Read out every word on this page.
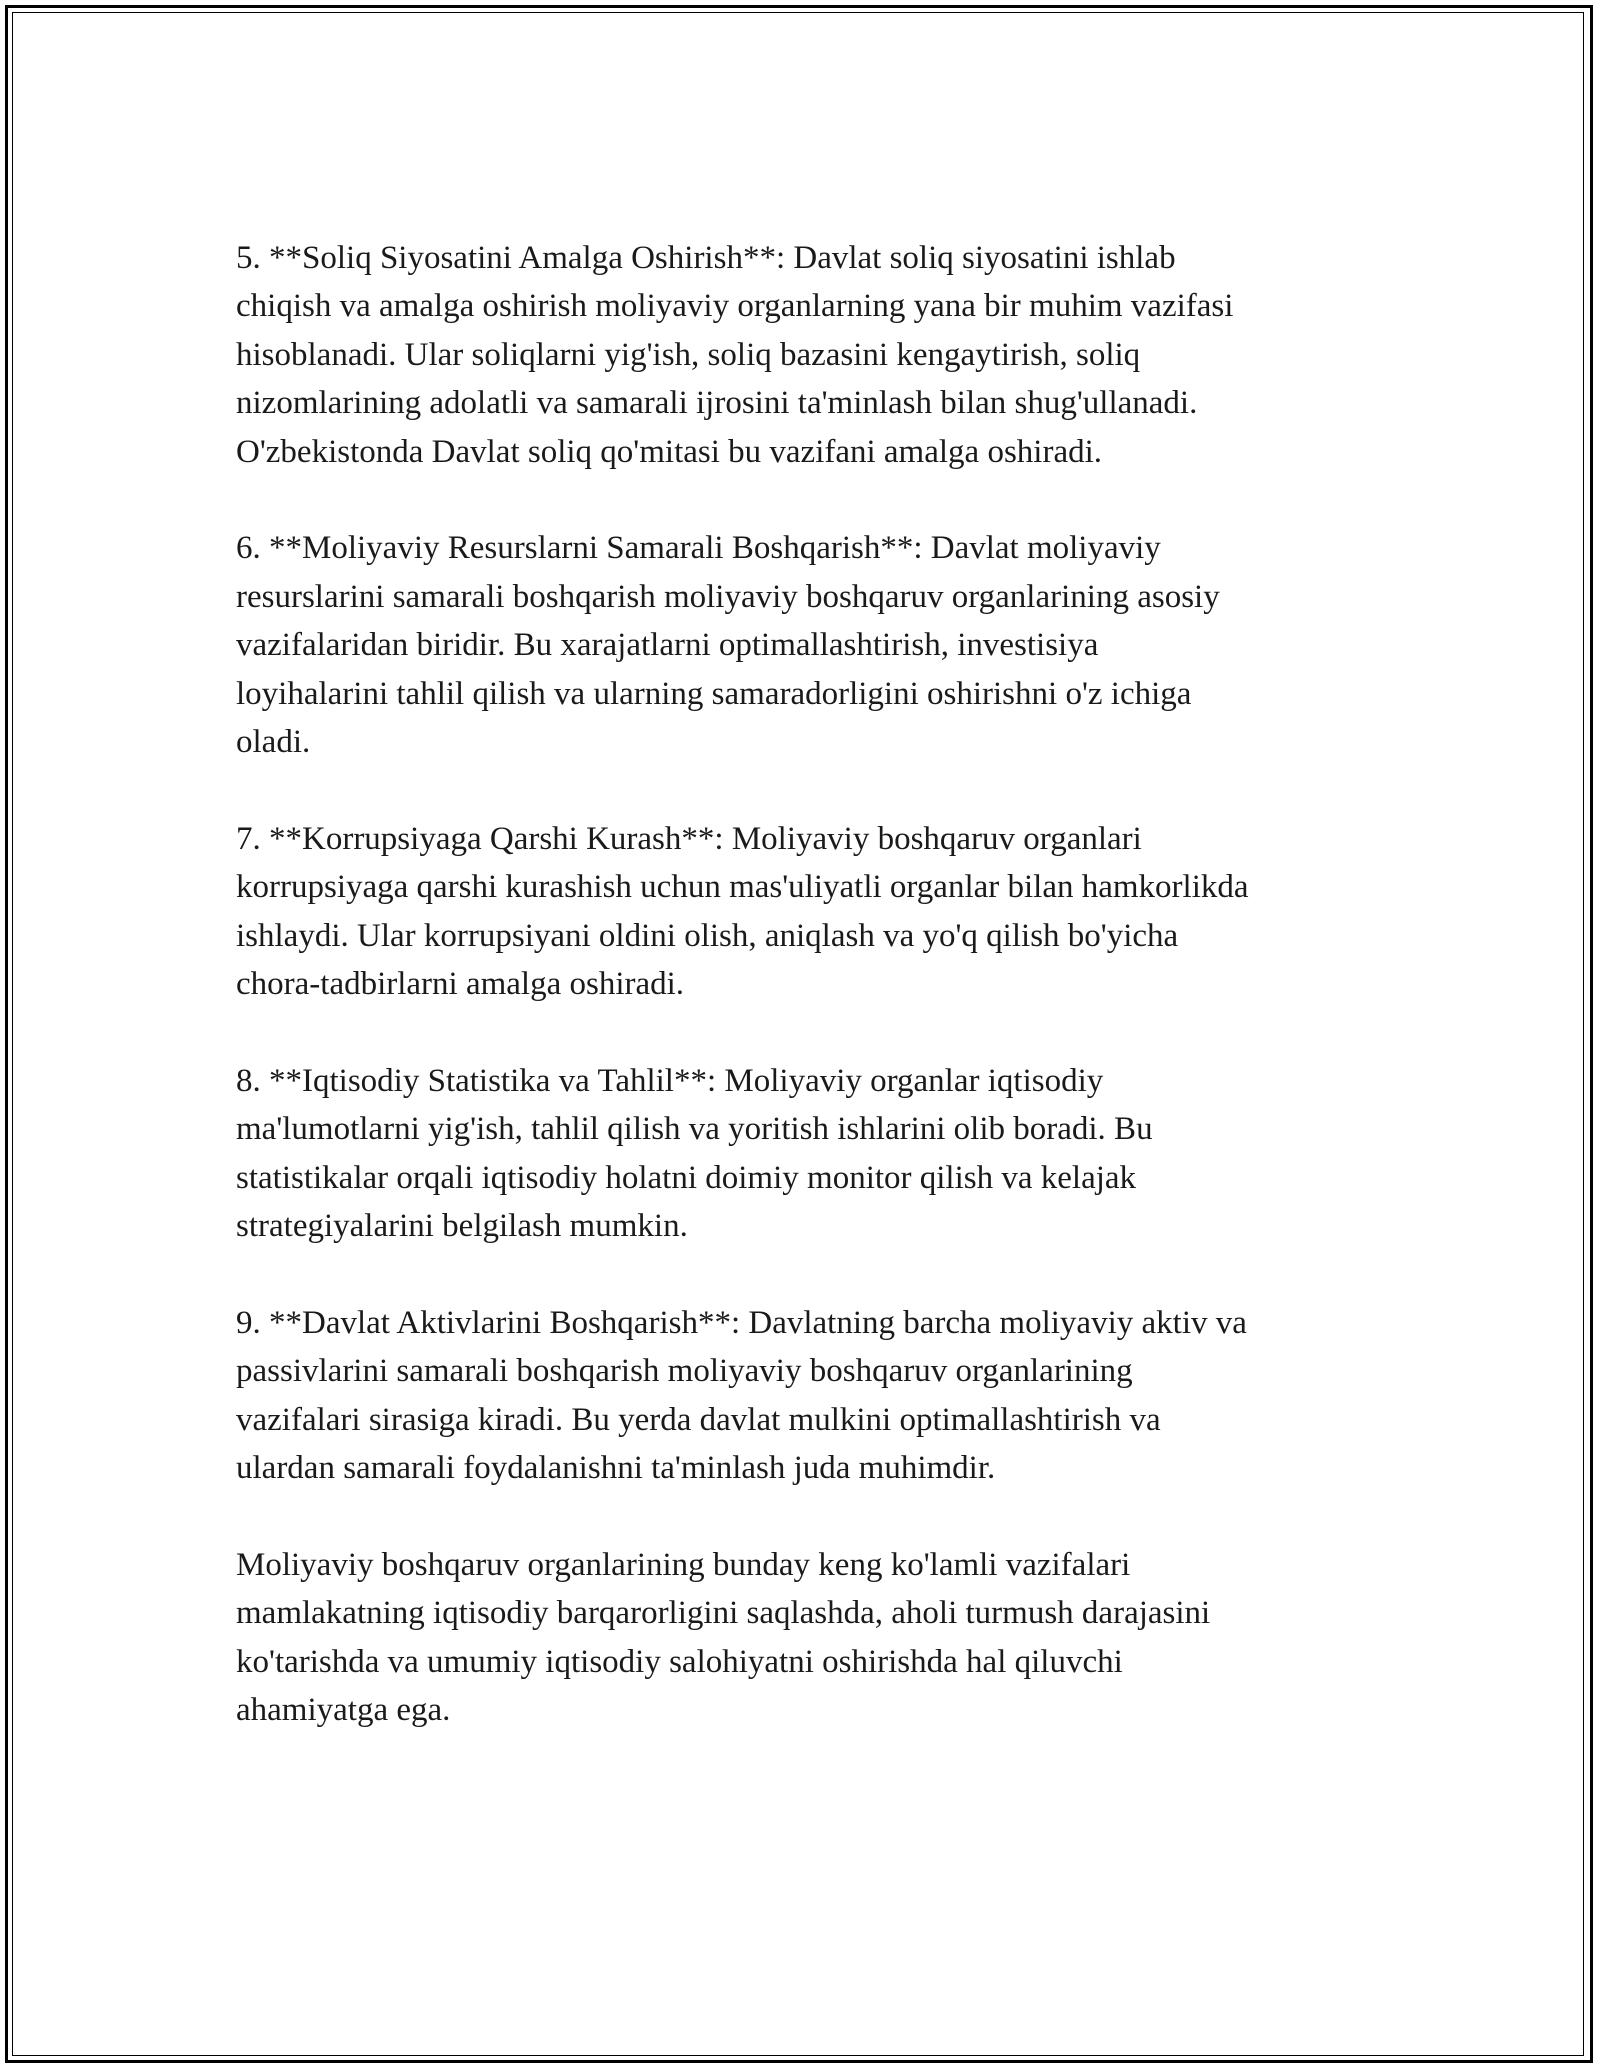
5. **Soliq Siyosatini Amalga Oshirish**: Davlat soliq siyosatini ishlab
chiqish va amalga oshirish moliyaviy organlarning yana bir muhim vazifasi
hisoblanadi. Ular soliqlarni yig'ish, soliq bazasini kengaytirish, soliq
nizomlarining adolatli va samarali ijrosini ta'minlash bilan shug'ullanadi.
O'zbekistonda Davlat soliq qo'mitasi bu vazifani amalga oshiradi.

6. **Moliyaviy Resurslarni Samarali Boshqarish**: Davlat moliyaviy
resurslarini samarali boshqarish moliyaviy boshqaruv organlarining asosiy
vazifalaridan biridir. Bu xarajatlarni optimallashtirish, investisiya
loyihalarini tahlil qilish va ularning samaradorligini oshirishni o'z ichiga
oladi.

7. **Korrupsiyaga Qarshi Kurash**: Moliyaviy boshqaruv organlari
korrupsiyaga qarshi kurashish uchun mas'uliyatli organlar bilan hamkorlikda
ishlaydi. Ular korrupsiyani oldini olish, aniqlash va yo'q qilish bo'yicha
chora-tadbirlarni amalga oshiradi.

8. **Iqtisodiy Statistika va Tahlil**: Moliyaviy organlar iqtisodiy
ma'lumotlarni yig'ish, tahlil qilish va yoritish ishlarini olib boradi. Bu
statistikalar orqali iqtisodiy holatni doimiy monitor qilish va kelajak
strategiyalarini belgilash mumkin.

9. **Davlat Aktivlarini Boshqarish**: Davlatning barcha moliyaviy aktiv va
passivlarini samarali boshqarish moliyaviy boshqaruv organlarining
vazifalari sirasiga kiradi. Bu yerda davlat mulkini optimallashtirish va
ulardan samarali foydalanishni ta'minlash juda muhimdir.

Moliyaviy boshqaruv organlarining bunday keng ko'lamli vazifalari
mamlakatning iqtisodiy barqarorligini saqlashda, aholi turmush darajasini
ko'tarishda va umumiy iqtisodiy salohiyatni oshirishda hal qiluvchi
ahamiyatga ega.
